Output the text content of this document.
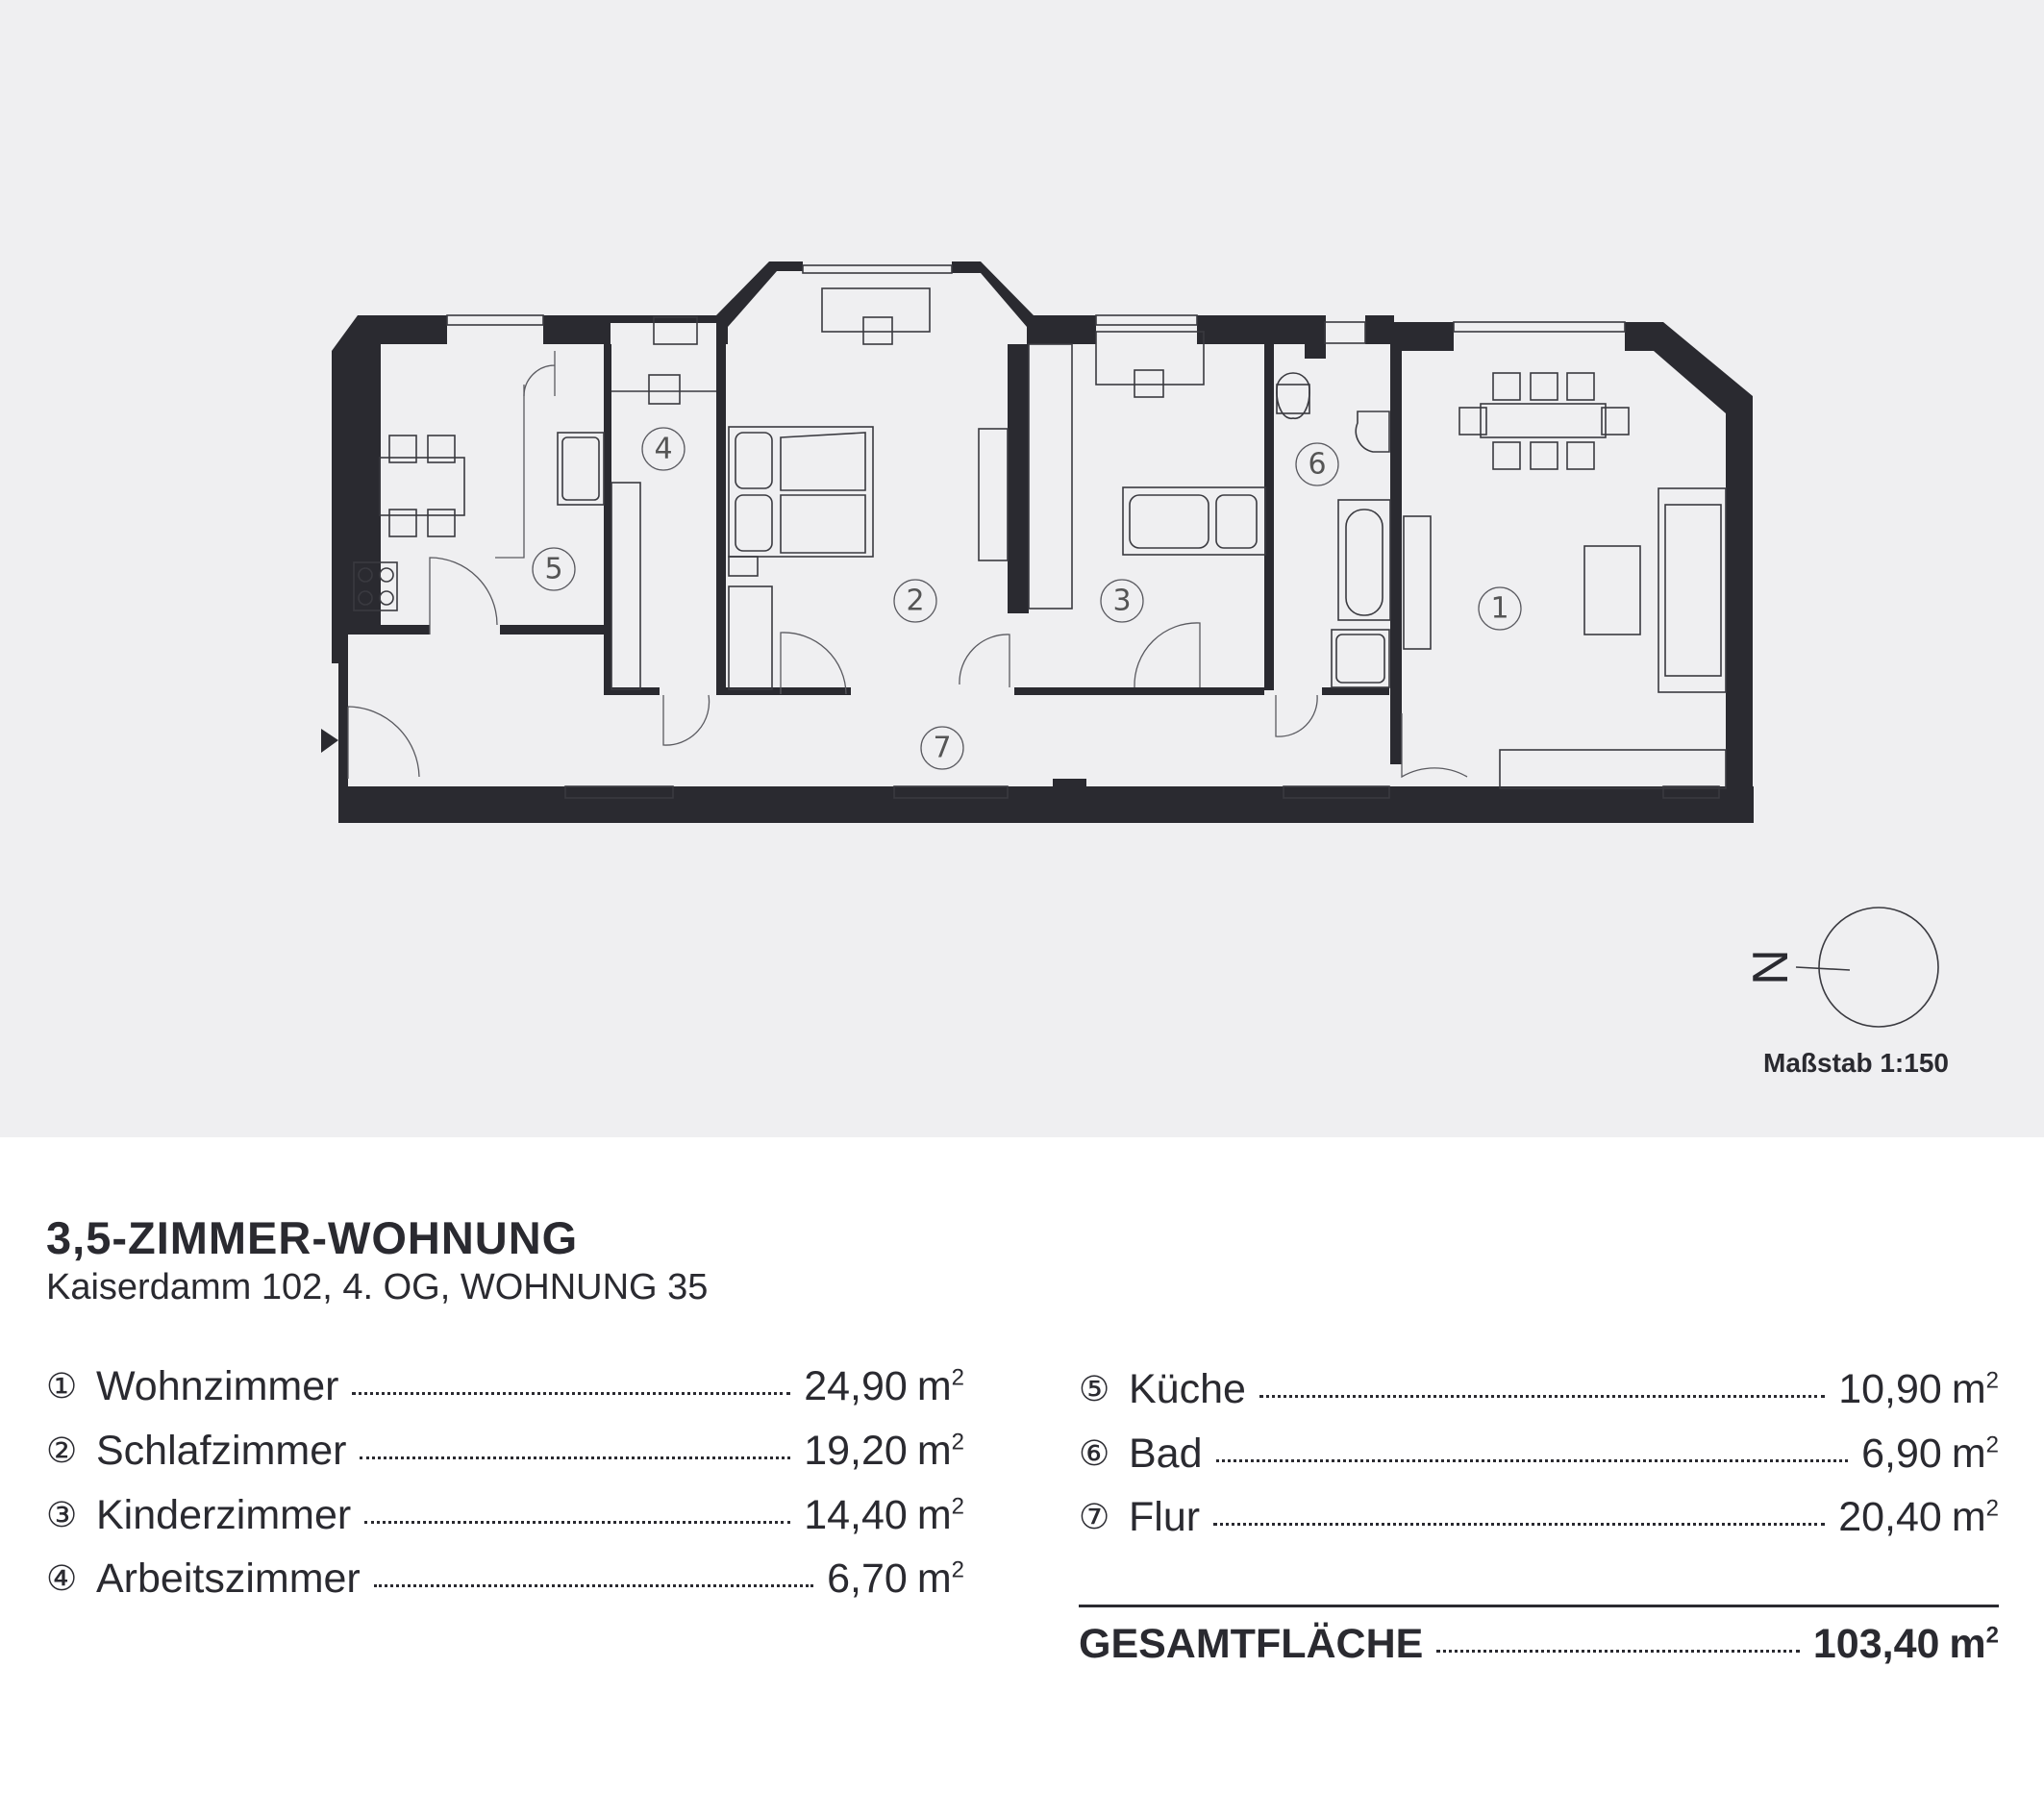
1
2	3
4
5
6
7
N
Maßstab 1:150
3,5-ZIMMER-WOHNUNG
Kaiserdamm 102, 4. OG, WOHNUNG 35
① Wohnzimmer	24,90 $m^2$
② Schlafzimmer	19,20 $m^2$
③ Kinderzimmer	14,40 $m^2$
④ Arbeitszimmer	6,70 $m^2$
⑤ Küche	10,90 $m^2$
⑥ Bad	6,90 $m^2$
⑦ Flur	20,40 $m^2$
GESAMTFLÄCHE	103,40 $m^2$
